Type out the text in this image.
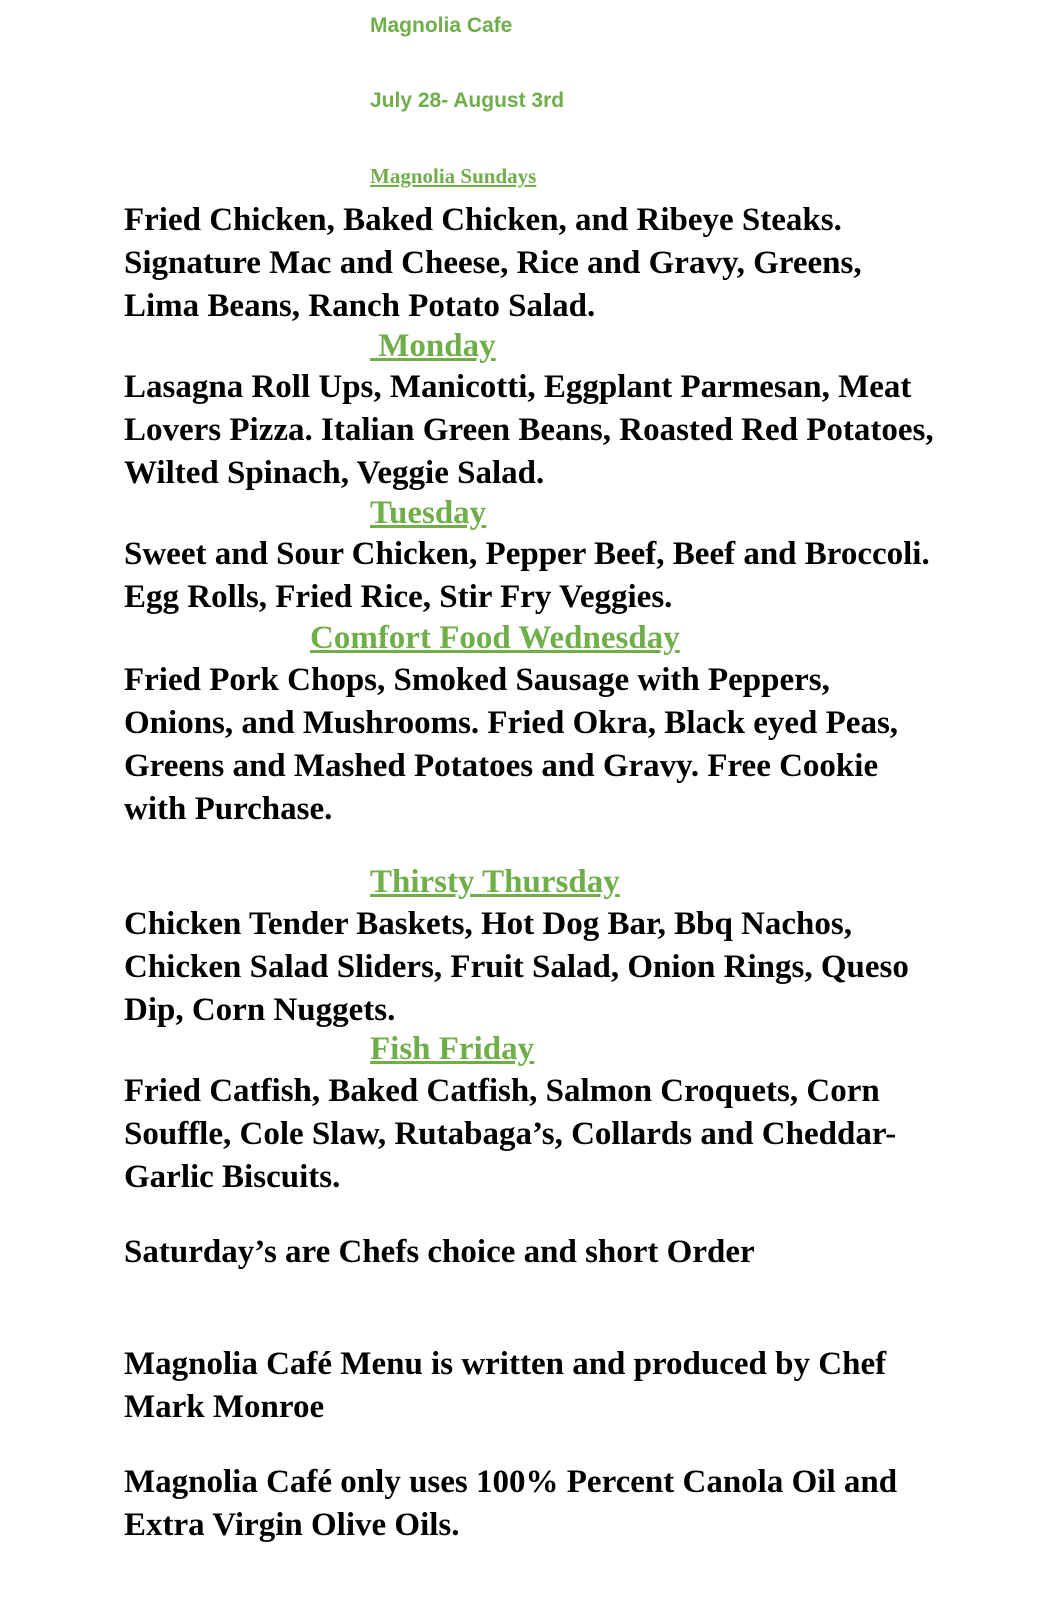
Magnolia Cafe
July 28- August 3rd
Magnolia Sundays

Fried Chicken, Baked Chicken, and Ribeye Steaks. Signature Mac and Cheese, Rice and Gravy, Greens, Lima Beans, Ranch Potato Salad.

Monday

Lasagna Roll Ups, Manicotti, Eggplant Parmesan, Meat Lovers Pizza. Italian Green Beans, Roasted Red Potatoes, Wilted Spinach, Veggie Salad.

Tuesday

Sweet and Sour Chicken, Pepper Beef, Beef and Broccoli.  Egg Rolls, Fried Rice, Stir Fry Veggies.

Comfort Food Wednesday

Fried Pork Chops, Smoked Sausage with Peppers, Onions, and Mushrooms. Fried Okra, Black eyed Peas, Greens and Mashed Potatoes and Gravy. Free Cookie with Purchase.

Thirsty Thursday

Chicken Tender Baskets, Hot Dog Bar, Bbq Nachos, Chicken Salad Sliders, Fruit Salad, Onion Rings, Queso Dip, Corn Nuggets.

Fish Friday

Fried Catfish, Baked Catfish, Salmon Croquets, Corn Souffle, Cole Slaw, Rutabaga’s, Collards and Cheddar- Garlic Biscuits.

Saturday’s are Chefs choice and short Order

Magnolia Café Menu is written and produced by Chef Mark Monroe

Magnolia Café only uses 100% Percent Canola Oil and Extra Virgin Olive Oils.
